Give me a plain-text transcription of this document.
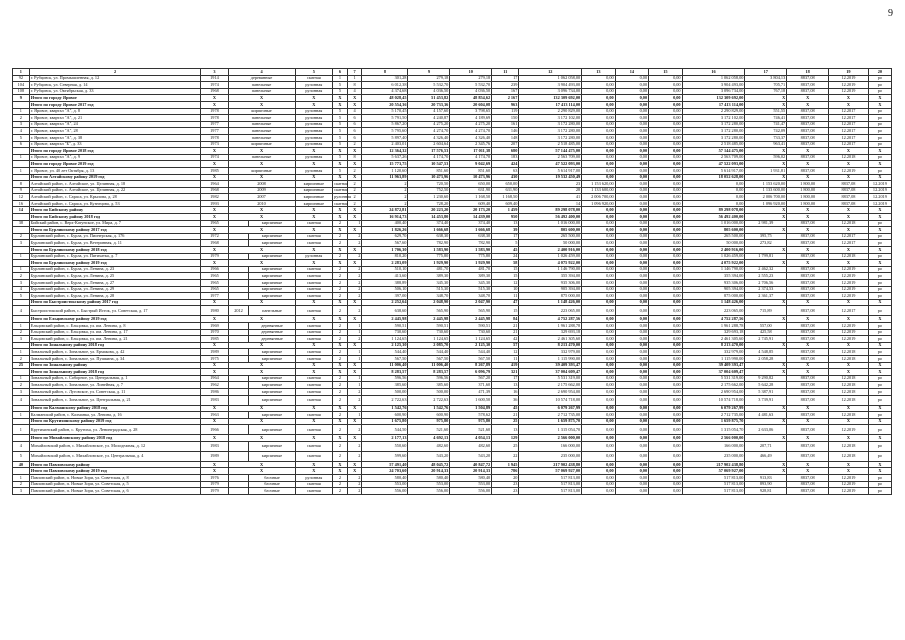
9
1	2	3	4		5	6	7	8	9	10	11	12	13	14	15	16	17	18	19	20
92	г. Рубцовск, ул. Промышленная, д. 12	1914	деревянные		скатная	1	1	301,28	279,18	279,18	17	1 062 058,00	0,00	0,00	0,00	1 062 058,00	3 804,13	8837,08	12.2019	ро
104	г. Рубцовск, ул. Северная, д. 14	1974	панельные		рулонная	5	8	6 012,38	5 532,70	5 532,70	239	3 904 493,00	0,00	0,00	0,00	3 904 493,00	705,71	8837,08	12.2019	ро
108	г. Рубцовск, ул. Октябрьская, д. 33	1968	панельные		рулонная	5	4	4 374,68	4 036,50	4 036,50	167	3 096 734,00	0,00	0,00	0,00	3 096 734,00	767,18	8837,08	12.2019	ро
9	Итого по городу Яровое	X	X		X	X	X	48 028,45	51 453,82	48 854,62	2 167	132 309 692,00	0,00	0,00	0,00	132 309 692,00	X	X	X	X
	Итого по городу Яровое 2017 год	X	X		X	X	X	20 554,36	20 733,36	20 604,08	963	17 413 114,00	0,00	0,00	0,00	17 413 114,00	X	X	X	X
1	г. Яровое, квартал "А", д. 8	1978	кирпичные		рулонная	5	4	5 170,45	4 157,60	3 798,65	119	2 290 829,00	0,00	0,00	0,00	2 290 829,00	551,55	8837,08	12.2017	ро
2	г. Яровое, квартал "А", д. 21	1978	панельные		рулонная	5	6	5 791,50	4 240,87	4 189,69	150	3 172 102,00	0,00	0,00	0,00	3 172 102,00	746,41	8837,08	12.2017	ро
3	г. Яровое, квартал "А", 24	1977	панельные		рулонная	5	6	5 867,20	4 275,20	4 275,20	161	3 172 280,00	0,00	0,00	0,00	3 172 280,00	741,47	8837,08	12.2017	ро
4	г. Яровое, квартал "А", 28	1977	панельные		рулонная	5	6	5 795,60	4 274,70	4 274,70	146	3 172 280,00	0,00	0,00	0,00	3 172 280,00	742,09	8837,08	12.2017	ро
5	г. Яровое, квартал "А", д. 38	1978	панельные		рулонная	5	6	5 897,40	4 326,40	4 326,40	148	3 172 280,00	0,00	0,00	0,00	3 172 280,00	733,37	8837,08	12.2017	ро
6	г. Яровое, квартал "Б", д. 33	1973	кирпичные		рулонная	5	2	2 403,01	2 604,64	2 345,76	207	2 518 485,00	0,00	0,00	0,00	2 518 485,00	963,41	8837,08	12.2017	ро
	Итого по городу Яровое 2018 год	X	X		X	X	X	12 364,32	17 576,53	17 011,38	680	57 144 475,00	0,00	0,00	0,00	57 144 475,00	X	X	X	X
1	г. Яровое, квартал "А", д. 9	1974	панельные		рулонная	5	8	5 637,26	4 174,70	4 174,70	183	2 563 709,00	0,00	0,00	0,00	2 563 709,00	596,02	8837,08	12.2018	ро
	Итого по городу Яровое 2019 год	X	X		X	X	X	15 773,75	10 547,53	9 042,69	424	47 522 093,00	0,00	0,00	0,00	47 522 093,00	X	X	X	X
1	г. Яровое, ул. 40 лет Октября, д. 13	1985	кирпичные		рулонная	5	2	1 120,60	851,60	851,60	63	5 614 917,00	0,00	0,00	0,00	5 614 917,00	1 931,81	8837,08	12.2019	ро
	Итого по Алтайскому району 2019 год	X	X		X	X	X	11 963,89	10 473,96	10 473,96	430	19 532 450,49	0,00	0,00	0,00	18 052 628,00	X	X	X	X
8	Алтайский район, с. Алтайское, ул. Целинная, д. 18	1964	2008		кирпичные	скатная	2	2	720,50	650,00	650,00	23	1 153 620,00	0,00	0,00	0,00	1 153 620,00	1 800,00	8837,08	12.2019
9	Алтайский район, с. Алтайское, ул. Целинная, д. 22	1968	2009		кирпичные	скатная	2	2	752,50	631,90	631,90	28	1 133 600,00	0,00	0,00	0,00	1 133 600,00	1 800,00	8837,08	12.2019
12	Алтайский район, с. Сараса, ул. Крылова, д. 28	1982	2007		кирпичные	рулонная	2	2	1 230,60	1 168,50	1 168,50	41	2 006 700,00	0,00	0,00	0,00	2 006 700,00	1 800,00	8837,08	12.2019
16	Алтайский район, с. Сараса, ул. Кузнецова, д. 53	1993	2010		кирпичные	скатная	2	2	728,20	609,40	609,40	14	1 096 920,00	0,00	0,00	0,00	1 096 920,00	1 800,00	8837,08	12.2019
14	Итого по Бийскому району	X	X		X	X	X	24 872,81	20 223,20	20 173,20	1 459	89 298 078,00	0,00	0,00	0,00	89 298 078,00	X	X	X	X
	Итого по Бийскому району 2018 год	X	X		X	X	X	16 914,73	14 453,80	14 439,00	950	56 492 400,00	0,00	0,00	0,00	56 492 400,00	X	X	X	X
38	Бийский район, с. Верх-Катунское, ул. Мира, д. 7	1965		кирпичные	скатная	2	1	400,40	374,40	374,40	13	1 016 000,00	0,00	0,00	0,00	1 016 000,00	2 981,39	8837,08	12.2018	ро
	Итого по Бурлинскому району 2017 год	X	X		X	X	X	1 826,26	1 666,68	1 666,68	39	805 600,00	0,00	0,00	0,00	805 600,00	X	X	X	X
2	Бурлинский район, с. Бурла, ул. Пионерская, д. 176	1972		кирпичные	скатная	2	2	629,70	638,30	638,30	17	265 500,00	0,00	0,00	0,00	265 500,00	395,75	8837,08	12.2017	ро
3	Бурлинский район, с. Бурла, ул. Ветеринная, д. 11	1968		кирпичные	скатная	2	2	567,60	782,90	782,90	5	50 000,00	0,00	0,00	0,00	50 000,00	273,82	8837,08	12.2017	ро
	Итого по Бурлинскому району 2018 год	X	X		X	X	X	1 706,30	1 583,90	1 583,90	45	2 400 916,00	0,00	0,00	0,00	2 400 916,00	X	X	X	X
1	Бурлинский район, с. Бурла, ул. Пятихатка, д. 7	1979		кирпичные	рулонная	2	2	810,20	775,80	775,80	24	1 026 459,00	0,00	0,00	0,00	1 026 459,00	1 799,81	8837,08	12.2018	ро
	Итого по Бурлинскому району 2019 год	X	X		X	X	X	2 283,09	1 929,90	1 929,90	58	4 075 922,00	0,00	0,00	0,00	4 075 922,00	X	X	X	X
1	Бурлинский район, с. Бурла, ул. Ленина, д. 23	1966		кирпичные	скатная	2	2	510,10	481,70	481,70	15	1 146 790,00	0,00	0,00	0,00	1 146 790,00	2 462,32	8837,08	12.2019	ро
2	Бурлинский район, с. Бурла, ул. Ленина, д. 25	1965		кирпичные	скатная	2	2	413,60	389,30	389,30	15	355 394,00	0,00	0,00	0,00	355 394,00	2 555,23	8837,08	12.2019	ро
3	Бурлинский район, с. Бурла, ул. Ленина, д. 27	1965		кирпичные	скатная	2	2	388,89	345,30	345,30	12	935 306,00	0,00	0,00	0,00	935 306,00	2 706,56	8837,08	12.2019	ро
4	Бурлинский район, с. Бурла, ул. Ленина, д. 29	1965		кирпичные	скатная	2	2	506,10	515,30	515,30	10	905 394,00	0,00	0,00	0,00	905 394,00	2 374,53	8837,08	12.2019	ро
5	Бурлинский район, с. Бурла, ул. Ленина, д. 28	1977		кирпичные	скатная	2	2	397,00	348,70	348,70	11	875 000,00	0,00	0,00	0,00	875 000,00	2 361,37	8837,08	12.2019	ро
	Итого по Быстроистокскому району 2017 год	X	X		X	X	X	2 252,64	2 048,90	2 047,90	47	1 148 426,00	0,00	0,00	0,00	1 148 426,00	X	X	X	X
4	Быстроистокский район, с. Быстрый Исток, ул. Советская, д. 17	1980	2012	панельные	скатная	2	2	638,60	565,90	565,90	15	223 065,00	0,00	0,00	0,00	223 065,00	715,89	8837,08	12.2017	ро
	Итого по Ельцовскому району 2019 год	X	X		X	X	X	2 445,98	2 445,98	2 445,98	84	4 752 287,56	0,00	0,00	0,00	4 752 287,56	X	X	X	X
1	Ельцовский район, с. Ельцовка, ул. им. Ленина, д. 8	1969		деревянные	скатная	2	1	590,51	590,51	590,51	21	1 961 288,78	0,00	0,00	0,00	1 961 288,78	557,00	8837,08	12.2019	ро
2	Ельцовский район, с. Ельцовка, ул. им. Ленина, д. 17	1970		деревянные	скатная	2	1	730,60	730,60	730,60	21	329 693,18	0,00	0,00	0,00	329 693,18	425,58	8837,08	12.2019	ро
3	Ельцовский район, с. Ельцовка, ул. им. Ленина, д. 21	1985		деревянные	скатная	2	2	1 124,65	1 124,65	1 124,65	42	2 461 305,60	0,00	0,00	0,00	2 461 305,60	2 745,91	8837,08	12.2019	ро
	Итого по Зональному району 2018 год	X	X		X	X	X	2 125,30	2 085,70	2 125,30	57	8 213 470,00	0,00	0,00	0,00	8 213 470,00	X	X	X	X
1	Зональный район, с. Зональное, ул. Ермакова, д. 42	1989		кирпичные	скатная	2	1	544,40	544,40	544,40	12	332 979,00	0,00	0,00	0,00	332 979,00	4 548,85	8837,08	12.2018	ро
2	Зональный район, с. Зональное, ул. Пушкина, д. 34	1975		кирпичные	скатная	2	1	567,50	567,50	567,50	11	1 115 990,00	0,00	0,00	0,00	1 115 990,00	2 058,28	8837,08	12.2018	ро
25	Итого по Зональному району	X	X		X	X	X	11 006,40	11 006,40	8 267,89	419	39 409 393,47	0,00	0,00	0,00	39 409 393,47	X	X	X	X
	Итого по Зональному району 2018 год	X	X		X	X	X	8 283,57	8 283,57	6 096,79	321	37 004 609,47	0,00	0,00	0,00	37 004 609,47	X	X	X	X
1	Зональный район, с. Соборное, ул. Центральная, д. 1	1964		кирпичные	скатная	2	1	596,56	596,56	567,20	17	5 531 319,00	0,00	0,00	0,00	5 531 319,00	9 290,82	8837,08	12.2018	ро
2	Зональный район, с. Зональное, ул. Линейная, д. 7	1962		кирпичные	скатная	2	1	385,60	385,60	371,60	13	2 175 662,00	0,00	0,00	0,00	2 175 662,00	5 642,28	8837,08	12.2018	ро
3	Зональный район, с. Луговское, ул. Советская, д. 11	1986		кирпичные	скатная	2	2	500,00	500,00	471,39	16	2 690 954,00	0,00	0,00	0,00	2 690 954,00	5 387,91	8837,08	12.2018	ро
4	Зональный район, с. Зональное, ул. Центральная, д. 21	1983		кирпичные	скатная	2	2	2 722,63	2 722,63	1 600,50	36	10 574 718,00	0,00	0,00	0,00	10 574 718,00	3 739,91	8837,08	12.2018	ро
	Итого по Калманскому району 2018 год	X	X		X	X	X	1 542,76	1 542,76	1 504,89	45	6 079 267,99	0,00	0,00	0,00	6 079 267,99	X	X	X	X
1	Калманский район, с. Калманка, ул. Ленина, д. 16	1963		кирпичные	скатная	2	1	600,90	600,90	578,62	21	2 712 735,00	0,00	0,00	0,00	2 712 735,00	4 481,63	8837,08	12.2018	ро
	Итого по Крутихинскому району 2019 год	X	X		X	X	X	1 675,80	975,80	975,80	25	1 659 875,70	0,00	0,00	0,00	1 659 875,70	X	X	X	X
1	Крутихинский район, с. Крутиха, ул. Ленинградская, д. 28	1966		кирпичные	скатная	2	2	544,50	521,60	521,60	13	1 315 054,70	0,00	0,00	0,00	1 315 054,70	2 633,06	8837,08	12.2019	ро
	Итого по Михайловскому району 2018 год	X	X		X	X	X	2 177,13	4 692,13	4 054,13	129	2 566 000,00	0,00	0,00	0,00	2 566 000,00	X	X	X	X
4	Михайловский район, с. Михайловское, ул. Молодежная, д. 12	1983		кирпичные	скатная	2	2	550,60	482,60	482,60	25	166 000,00	0,00	0,00	0,00	166 000,00	207,71	8837,08	12.2018	ро
5	Михайловский район, с. Михайловское, ул. Центральная, д. 4	1989		кирпичные	скатная	2	2	599,60	543,20	543,20	22	235 000,00	0,00	0,00	0,00	235 000,00	466,49	8837,08	12.2018	ро
40	Итого по Павловскому району	X	X		X	X	X	57 491,40	48 045,72	40 847,72	1 945	217 902 438,80	0,00	0,00	0,00	217 902 438,80	X	X	X	X
	Итого по Павловскому району 2019 год	X	X		X	X	X	24 703,60	20 914,33	20 914,33	786	57 069 927,00	0,00	0,00	0,00	57 069 927,00	X	X	X	X
1	Павловский район, п. Новые Зори, ул. Советская, д. 8	1976		блочные	рулонная	2	2	580,40	580,40	580,40	20	517 813,00	0,00	0,00	0,00	517 813,00	913,83	8837,08	12.2019	ро
2	Павловский район, п. Новые Зори, ул. Советская, д. 5	1979		блочные	скатная	2	2	553,00	553,00	553,00	23	517 813,00	0,00	0,00	0,00	517 813,00	893,90	8837,08	12.2019	ро
3	Павловский район, п. Новые Зори, ул. Советская, д. 6	1979		блочные	скатная	2	2	556,00	556,00	556,00	23	517 813,00	0,00	0,00	0,00	517 813,00	928,81	8837,08	12.2019	ро
